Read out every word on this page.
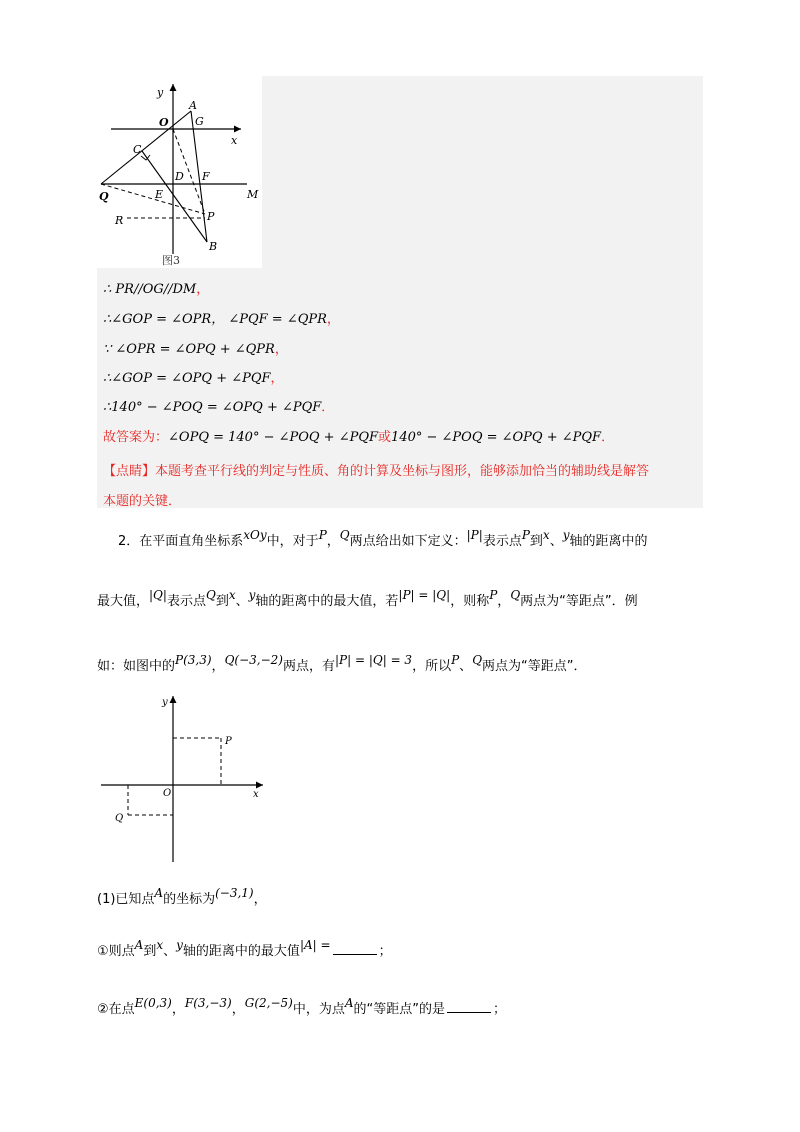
y
x
A
O G
C
D F
Q	E	M
R	P
B
图3
∴ PR//OG//DM，
∴∠GOP = ∠OPR， ∠PQF = ∠QPR，
∵ ∠OPR = ∠OPQ + ∠QPR，
∴∠GOP = ∠OPQ + ∠PQF，
∴140° − ∠POQ = ∠OPQ + ∠PQF．
故答案为：∠OPQ = 140° − ∠POQ + ∠PQF或140° − ∠POQ = ∠OPQ + ∠PQF．
【点睛】本题考查平行线的判定与性质、角的计算及坐标与图形，能够添加恰当的辅助线是解答
本题的关键．
2．在平面直角坐标系xOy中，对于P，Q两点给出如下定义：|P|表示点P到x、y轴的距离中的
最大值，|Q|表示点Q到x、y轴的距离中的最大值，若|P| = |Q|，则称P，Q两点为“等距点”．例
如：如图中的P(3,3)，Q(−3,−2)两点，有|P| = |Q| = 3，所以P、Q两点为“等距点”．
y
x
O
P
Q
(1)已知点A的坐标为(−3,1)，
①则点A到x、y轴的距离中的最大值|A| =	；
②在点E(0,3)，F(3,−3)，G(2,−5)中，为点A的“等距点”的是	；
